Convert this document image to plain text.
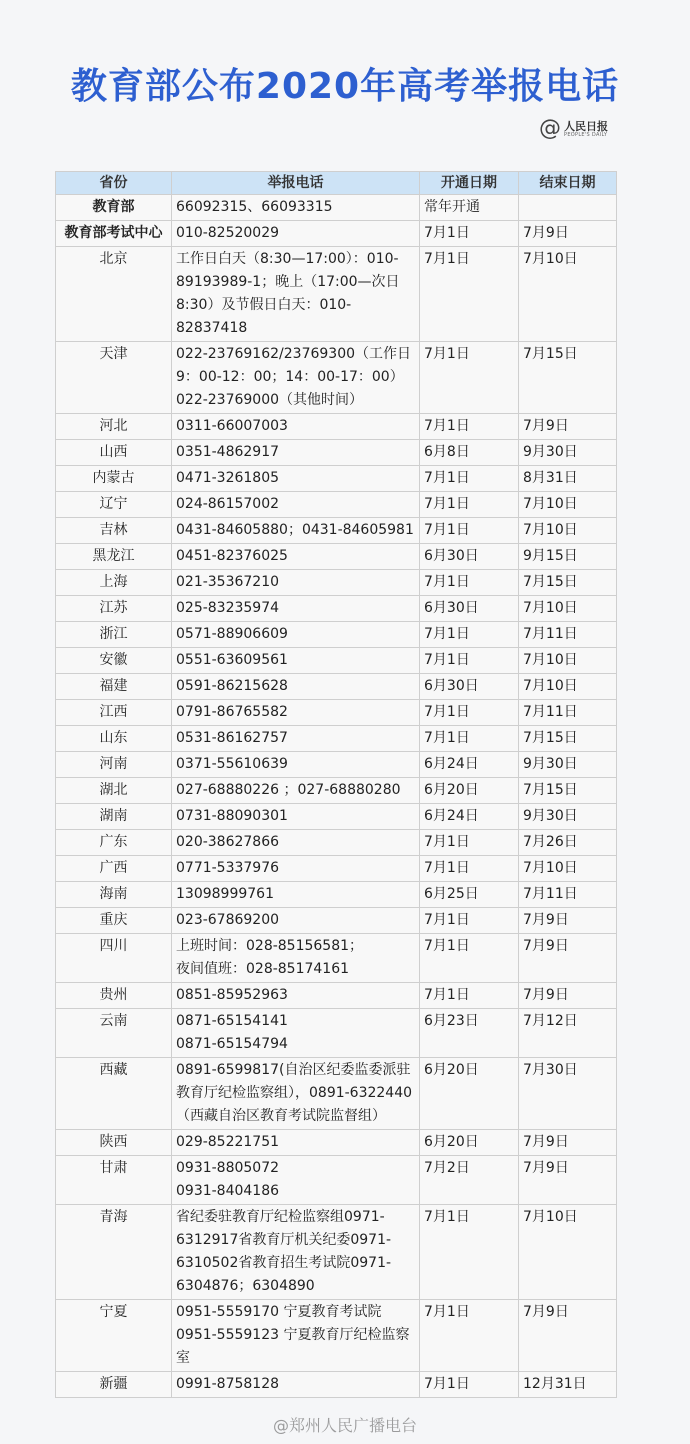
教育部公布2020年高考举报电话
@ 人民日报
PEOPLE'S DAILY
省份	举报电话	开通日期	结束日期
教育部	66092315、66093315	常年开通	
教育部考试中心	010-82520029	7月1日	7月9日
北京	工作日白天（8:30—17:00）：010-89193989-1；晚上（17:00—次日8:30）及节假日白天：010-82837418	7月1日	7月10日
天津	022-23769162/23769300（工作日9：00-12：00；14：00-17：00）022-23769000（其他时间）	7月1日	7月15日
河北	0311-66007003	7月1日	7月9日
山西	0351-4862917	6月8日	9月30日
内蒙古	0471-3261805	7月1日	8月31日
辽宁	024-86157002	7月1日	7月10日
吉林	0431-84605880；0431-84605981	7月1日	7月10日
黑龙江	0451-82376025	6月30日	9月15日
上海	021-35367210	7月1日	7月15日
江苏	025-83235974	6月30日	7月10日
浙江	0571-88906609	7月1日	7月11日
安徽	0551-63609561	7月1日	7月10日
福建	0591-86215628	6月30日	7月10日
江西	0791-86765582	7月1日	7月11日
山东	0531-86162757	7月1日	7月15日
河南	0371-55610639	6月24日	9月30日
湖北	027-68880226 ；027-68880280	6月20日	7月15日
湖南	0731-88090301	6月24日	9月30日
广东	020-38627866	7月1日	7月26日
广西	0771-5337976	7月1日	7月10日
海南	13098999761	6月25日	7月11日
重庆	023-67869200	7月1日	7月9日
四川	上班时间：028-85156581；
夜间值班：028-85174161	7月1日	7月9日
贵州	0851-85952963	7月1日	7月9日
云南	0871-65154141
0871-65154794	6月23日	7月12日
西藏	0891-6599817(自治区纪委监委派驻教育厅纪检监察组），0891-6322440（西藏自治区教育考试院监督组）	6月20日	7月30日
陕西	029-85221751	6月20日	7月9日
甘肃	0931-8805072
0931-8404186	7月2日	7月9日
青海	省纪委驻教育厅纪检监察组0971-6312917省教育厅机关纪委0971-6310502省教育招生考试院0971-6304876；6304890	7月1日	7月10日
宁夏	0951-5559170 宁夏教育考试院
0951-5559123 宁夏教育厅纪检监察室	7月1日	7月9日
新疆	0991-8758128	7月1日	12月31日
@郑州人民广播电台
